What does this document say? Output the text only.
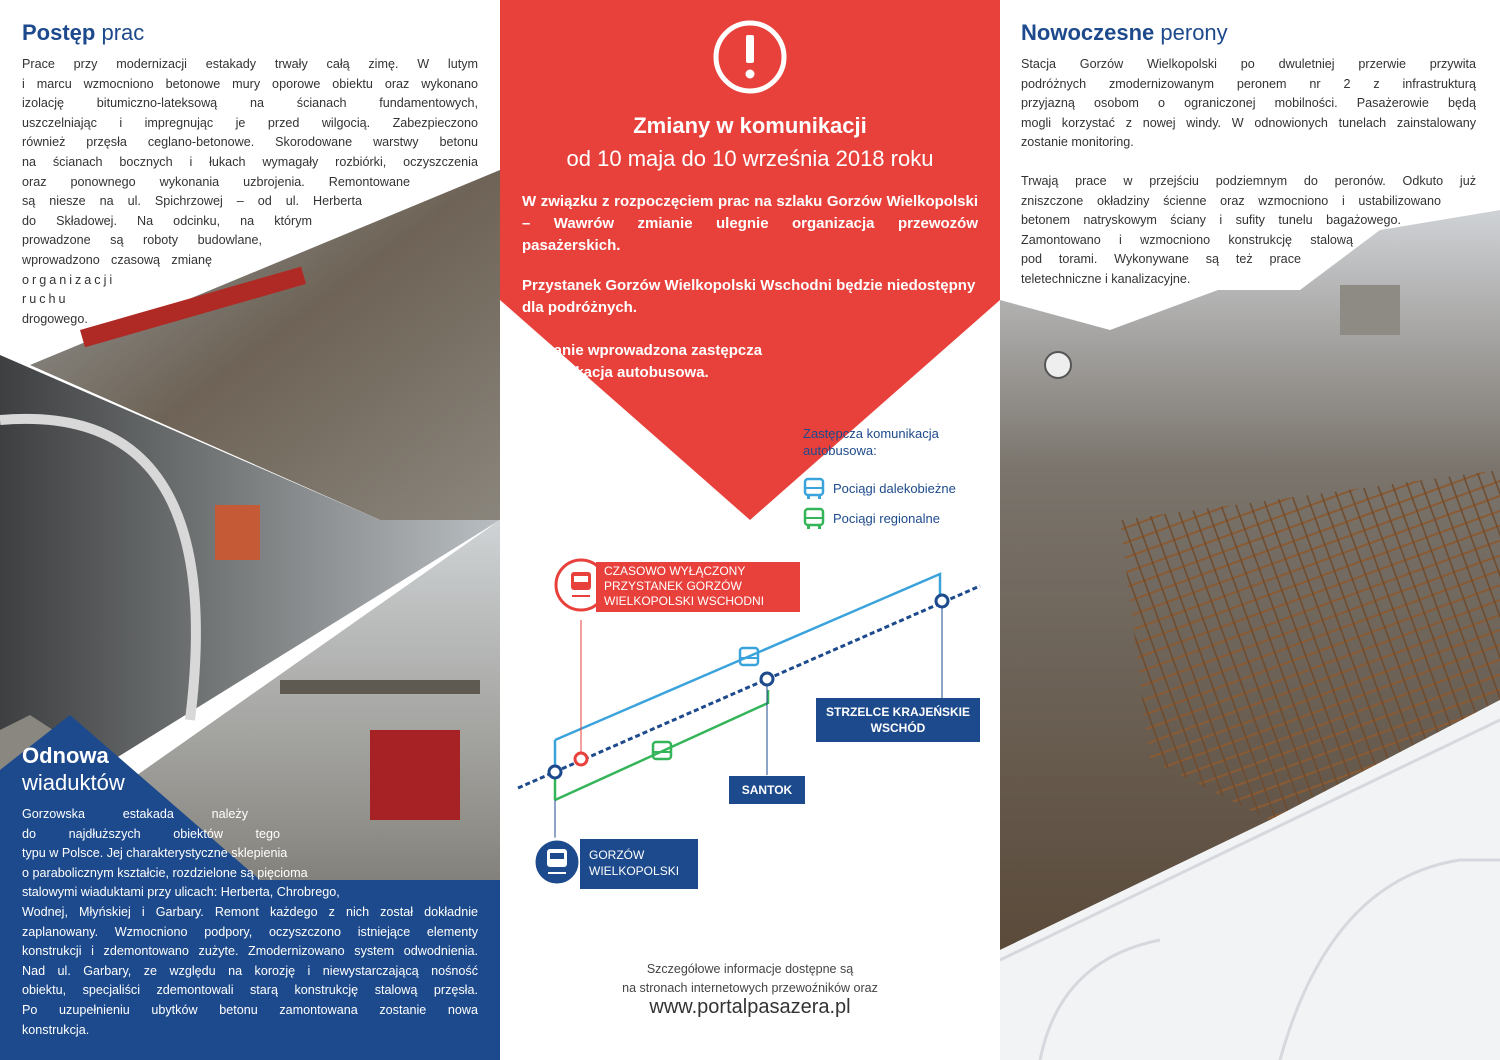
Postęp prac

Prace przy modernizacji estakady trwały całą zimę. W lutym

i marcu wzmocniono betonowe mury oporowe obiektu oraz wykonano

izolację bitumiczno-lateksową na ścianach fundamentowych,

uszczelniając i impregnując je przed wilgocią. Zabezpieczono

również przęsła ceglano-betonowe. Skorodowane warstwy betonu

na ścianach bocznych i łukach wymagały rozbiórki, oczyszczenia

oraz ponownego wykonania uzbrojenia. Remontowane

są niesze na ul. Spichrzowej – od ul. Herberta

do Składowej. Na odcinku, na którym

prowadzone są roboty budowlane,

wprowadzono czasową zmianę

organizacji ruchu

drogowego.

Odnowa
wiaduktów

Gorzowska estakada należy

do najdłuższych obiektów tego

typu w Polsce. Jej charakterystyczne sklepienia

o parabolicznym kształcie, rozdzielone są pięcioma

stalowymi wiaduktami przy ulicach: Herberta, Chrobrego,

Wodnej, Młyńskiej i Garbary. Remont każdego z nich został dokładnie

zaplanowany. Wzmocniono podpory, oczyszczono istniejące elementy

konstrukcji i zdemontowano zużyte. Zmodernizowano system odwodnienia.

Nad ul. Garbary, ze względu na korozję i niewystarczającą nośność

obiektu, specjaliści zdemontowali starą konstrukcję stalową przęsła.

Po uzupełnieniu ubytków betonu zamontowana zostanie nowa

konstrukcja.

Zmiany w komunikacji
od 10 maja do 10 września 2018 roku
W związku z rozpoczęciem prac na szlaku Gorzów Wielkopolski – Wawrów zmianie ulegnie organizacja przewozów pasażerskich.
Przystanek Gorzów Wielkopolski Wschodni będzie niedostępny dla podróżnych.
Zostanie wprowadzona zastępcza komunikacja autobusowa.
Zastępcza komunikacja
autobusowa:
Pociągi dalekobieżne
Pociągi regionalne
CZASOWO WYŁĄCZONY
PRZYSTANEK GORZÓW
WIELKOPOLSKI WSCHODNI
STRZELCE KRAJEŃSKIE
WSCHÓD
SANTOK
GORZÓW
WIELKOPOLSKI
Szczegółowe informacje dostępne są
na stronach internetowych przewoźników oraz
www.portalpasazera.pl
Nowoczesne perony

Stacja Gorzów Wielkopolski po dwuletniej przerwie przywita

podróżnych zmodernizowanym peronem nr 2 z infrastrukturą

przyjazną osobom o ograniczonej mobilności. Pasażerowie będą

mogli korzystać z nowej windy. W odnowionych tunelach zainstalowany

zostanie monitoring.

Trwają prace w przejściu podziemnym do peronów. Odkuto już

zniszczone okładziny ścienne oraz wzmocniono i ustabilizowano

betonem natryskowym ściany i sufity tunelu bagażowego.

Zamontowano i wzmocniono konstrukcję stalową

pod torami. Wykonywane są też prace

teletechniczne i kanalizacyjne.
